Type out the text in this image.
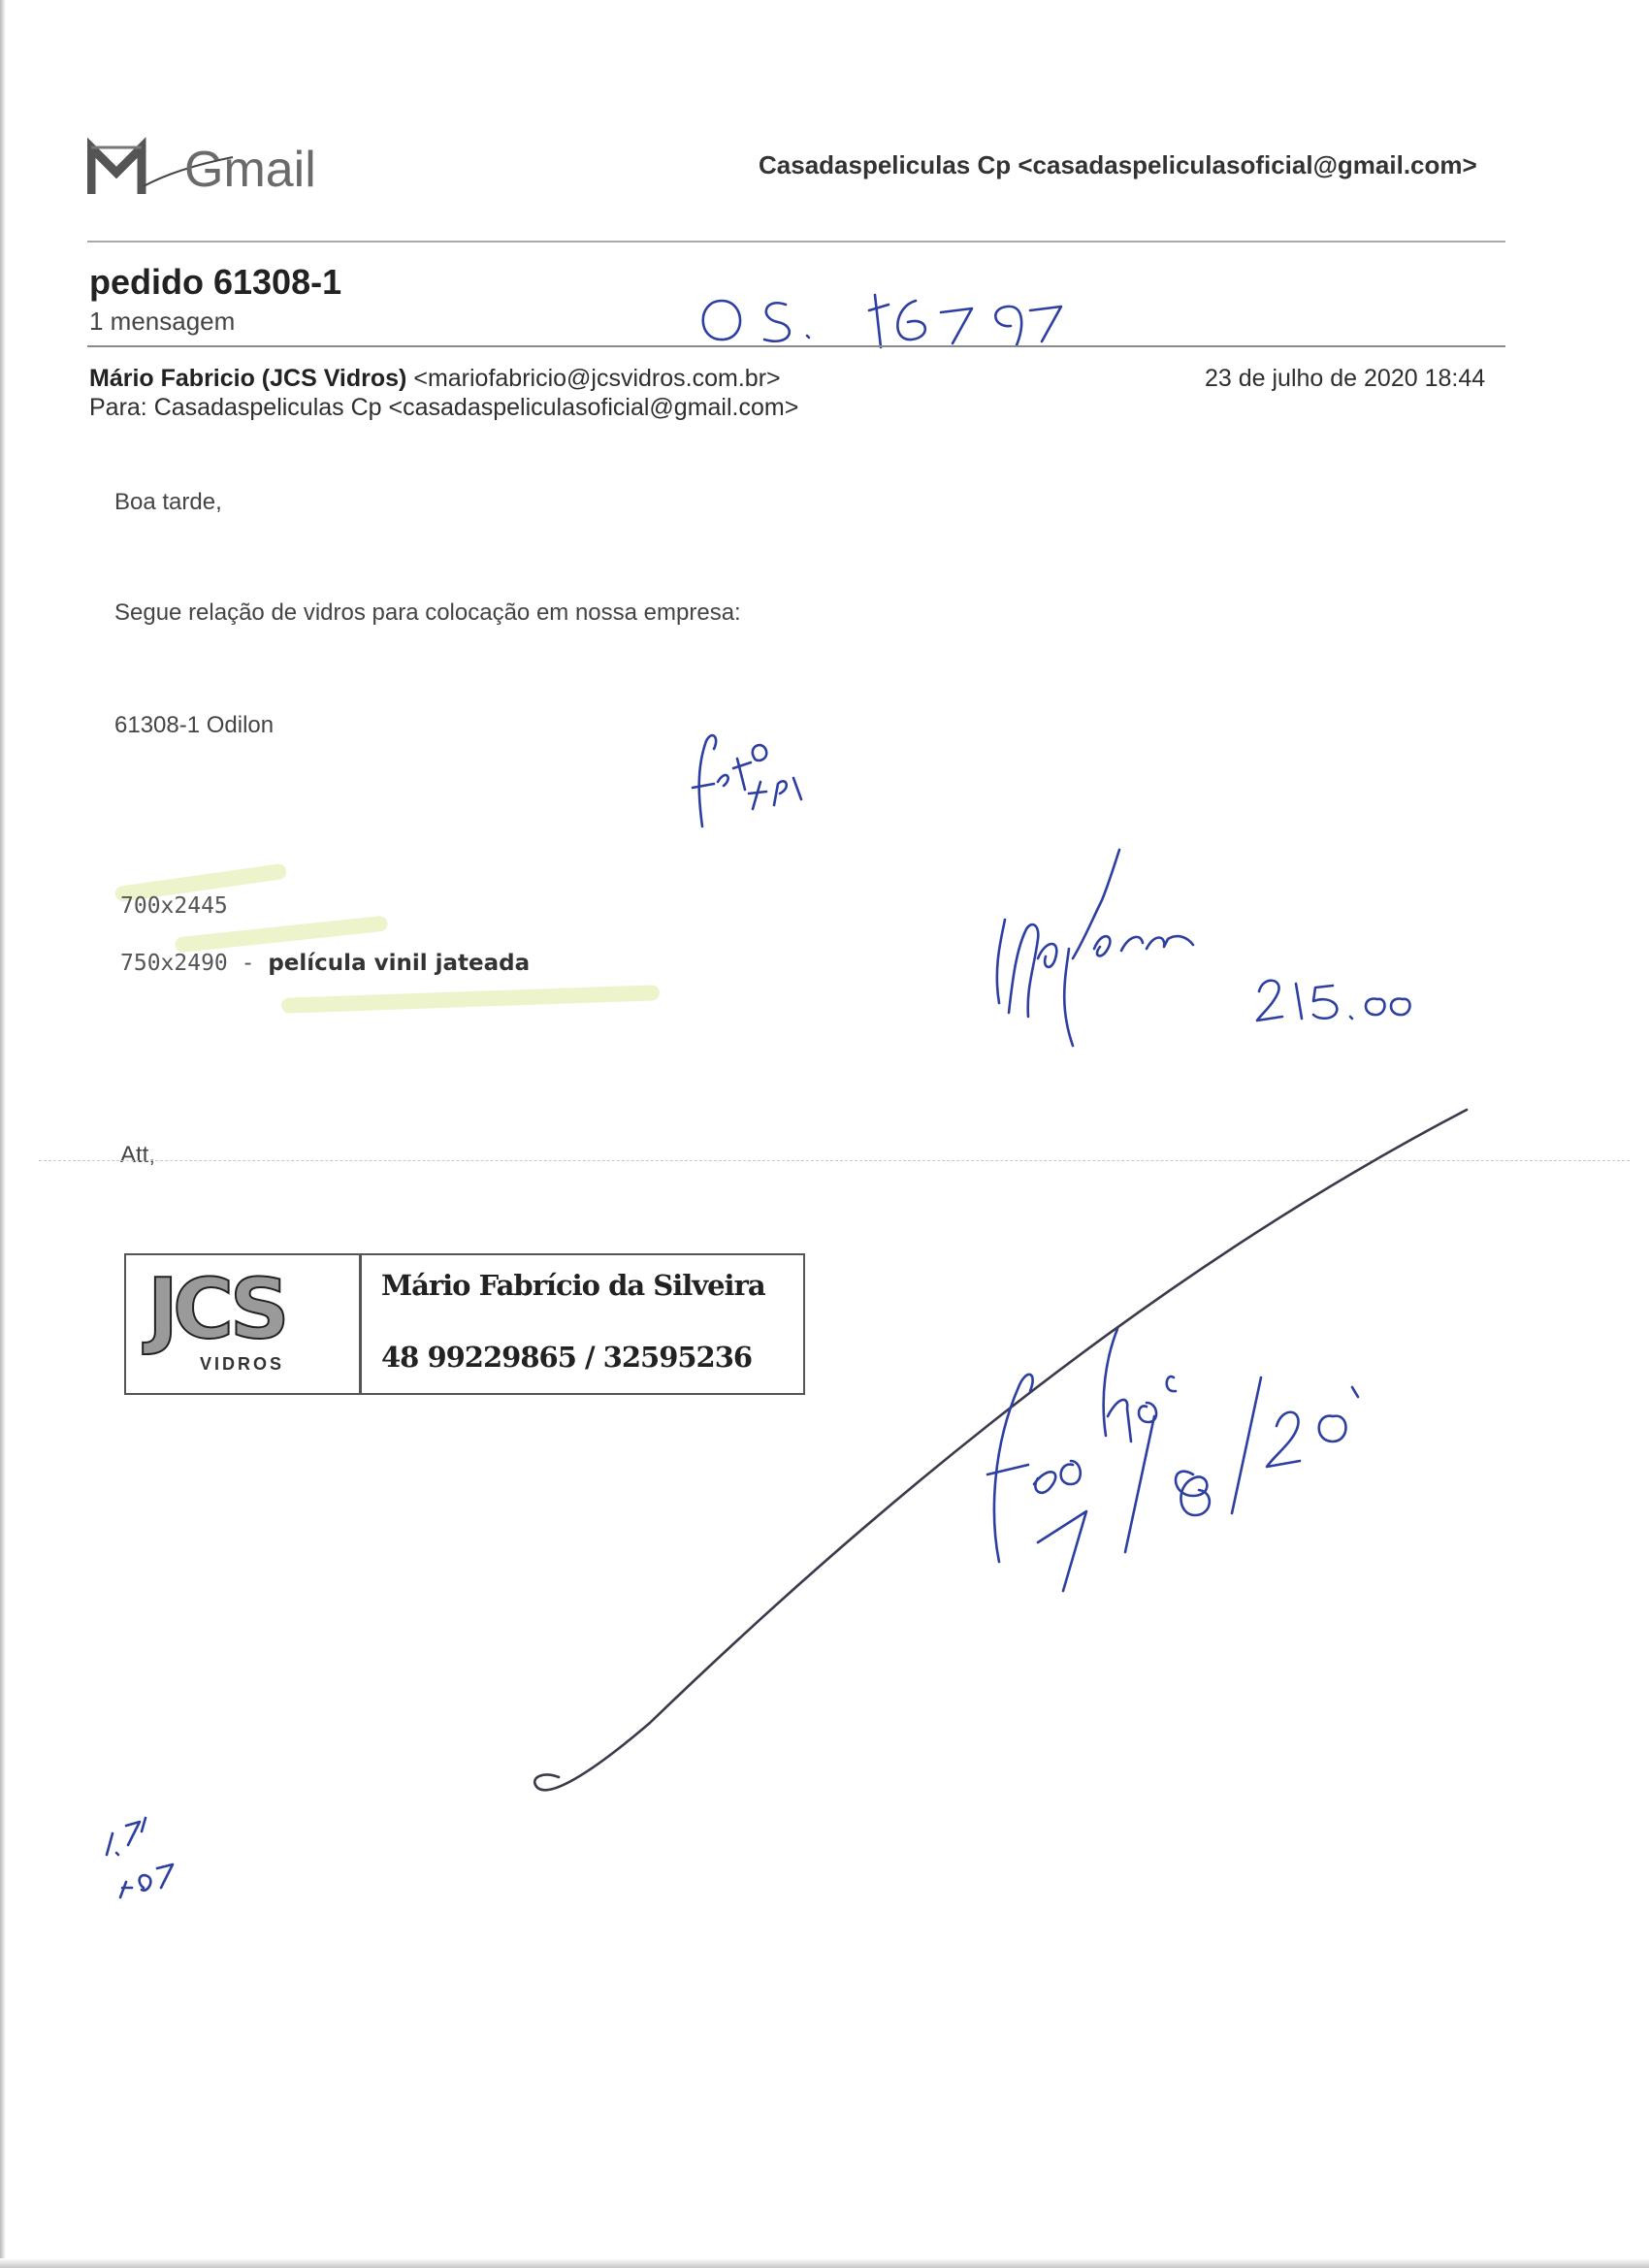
Gmail	Casadaspeliculas Cp <casadaspeliculasoficial@gmail.com>
pedido 61308-1
1 mensagem
Mário Fabricio (JCS Vidros) <mariofabricio@jcsvidros.com.br>	23 de julho de 2020 18:44
Para: Casadaspeliculas Cp <casadaspeliculasoficial@gmail.com>
Boa tarde,
Segue relação de vidros para colocação em nossa empresa:
61308-1 Odilon
700x2445
750x2490 - película vinil jateada
Att,
JCS
VIDROS
Mário Fabrício da Silveira
48 99229865 / 32595236
